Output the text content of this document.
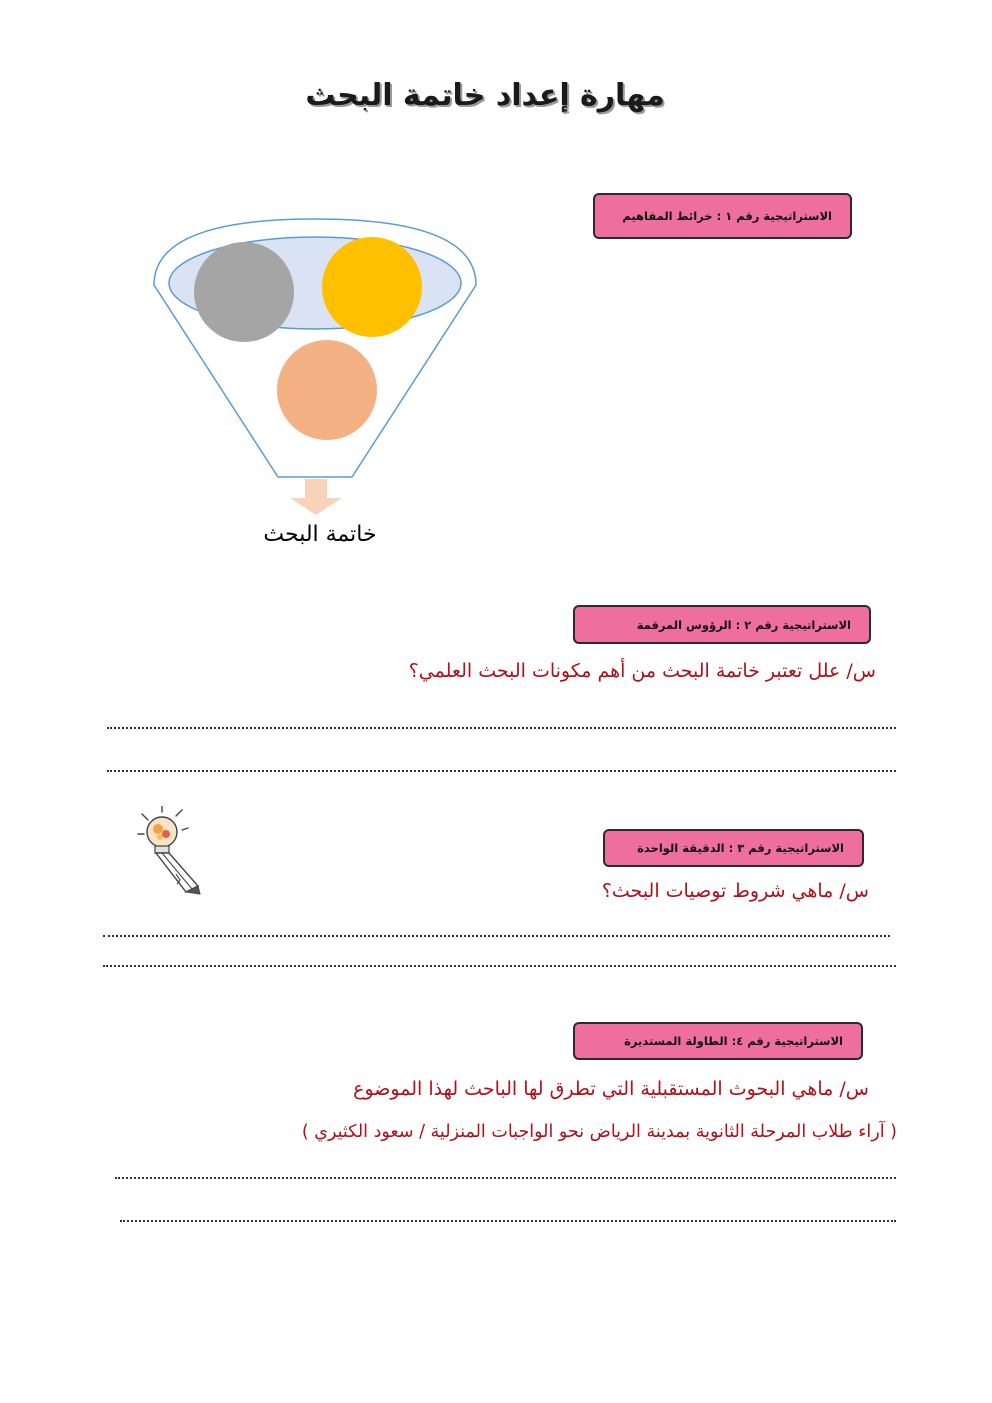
مهارة إعداد خاتمة البحث
خاتمة البحث
الاستراتيجية رقم ١ : خرائط المفاهيم
الاستراتيجية رقم ٢ : الرؤوس المرقمة
س/ علل تعتبر خاتمة البحث من أهم مكونات البحث العلمي؟
الاستراتيجية رقم ٣ : الدقيقة الواحدة
س/ ماهي شروط توصيات البحث؟
الاستراتيجية رقم ٤: الطاولة المستديرة
س/ ماهي البحوث المستقبلية التي تطرق لها الباحث لهذا الموضوع
( آراء طلاب المرحلة الثانوية بمدينة الرياض نحو الواجبات المنزلية / سعود الكثيري )
